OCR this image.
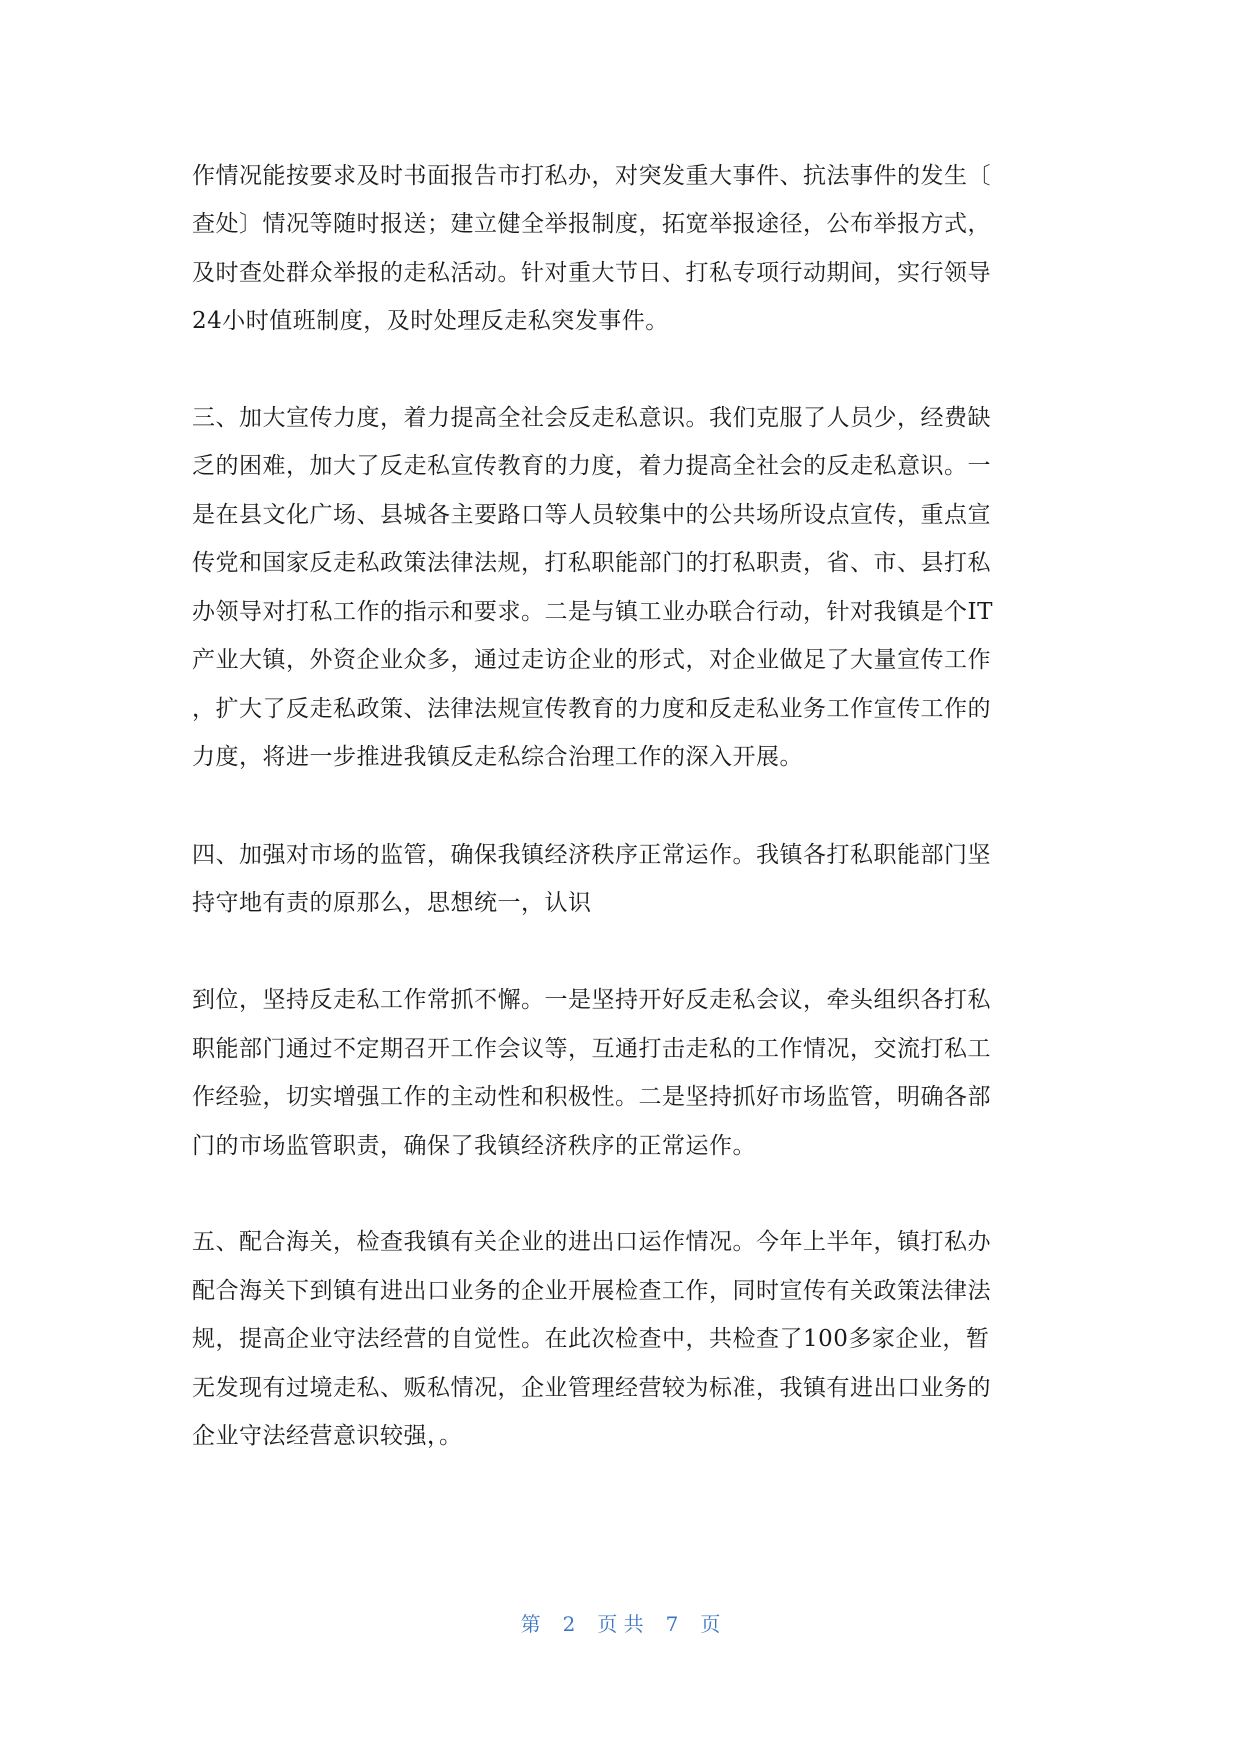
作情况能按要求及时书面报告市打私办，对突发重大事件、抗法事件的发生〔
查处〕情况等随时报送；建立健全举报制度，拓宽举报途径，公布举报方式，
及时查处群众举报的走私活动。针对重大节日、打私专项行动期间，实行领导
24小时值班制度，及时处理反走私突发事件。
三、加大宣传力度，着力提高全社会反走私意识。我们克服了人员少，经费缺
乏的困难，加大了反走私宣传教育的力度，着力提高全社会的反走私意识。一
是在县文化广场、县城各主要路口等人员较集中的公共场所设点宣传，重点宣
传党和国家反走私政策法律法规，打私职能部门的打私职责，省、市、县打私
办领导对打私工作的指示和要求。二是与镇工业办联合行动，针对我镇是个IT
产业大镇，外资企业众多，通过走访企业的形式，对企业做足了大量宣传工作
，扩大了反走私政策、法律法规宣传教育的力度和反走私业务工作宣传工作的
力度，将进一步推进我镇反走私综合治理工作的深入开展。
四、加强对市场的监管，确保我镇经济秩序正常运作。我镇各打私职能部门坚
持守地有责的原那么，思想统一，认识
到位，坚持反走私工作常抓不懈。一是坚持开好反走私会议，牵头组织各打私
职能部门通过不定期召开工作会议等，互通打击走私的工作情况，交流打私工
作经验，切实增强工作的主动性和积极性。二是坚持抓好市场监管，明确各部
门的市场监管职责，确保了我镇经济秩序的正常运作。
五、配合海关，检查我镇有关企业的进出口运作情况。今年上半年，镇打私办
配合海关下到镇有进出口业务的企业开展检查工作，同时宣传有关政策法律法
规，提高企业守法经营的自觉性。在此次检查中，共检查了100多家企业，暂
无发现有过境走私、贩私情况，企业管理经营较为标准，我镇有进出口业务的
企业守法经营意识较强，。
第 2 页 共 7 页
